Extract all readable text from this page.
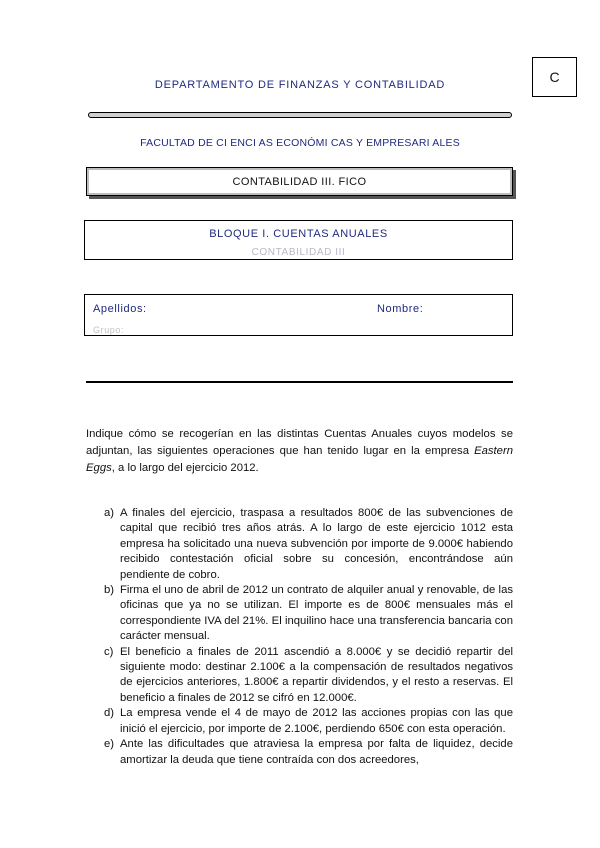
C
DEPARTAMENTO DE FINANZAS Y CONTABILIDAD
FACULTAD DE CI ENCI AS ECONÓMI CAS Y EMPRESARI ALES
CONTABILIDAD III. FICO
BLOQUE I. CUENTAS ANUALES
CONTABILIDAD III
Apellidos:	Nombre:
Grupo:

Indique cómo se recogerían en las distintas Cuentas Anuales cuyos modelos se adjuntan, las siguientes operaciones que han tenido lugar en la empresa Eastern Eggs, a lo largo del ejercicio 2012.

a) A finales del ejercicio, traspasa a resultados 800€ de las subvenciones de capital que recibió tres años atrás. A lo largo de este ejercicio 1012 esta empresa ha solicitado una nueva subvención por importe de 9.000€ habiendo recibido contestación oficial sobre su concesión, encontrándose aún pendiente de cobro.
b) Firma el uno de abril de 2012 un contrato de alquiler anual y renovable, de las oficinas que ya no se utilizan. El importe es de 800€ mensuales más el correspondiente IVA del 21%. El inquilino hace una transferencia bancaria con carácter mensual.
c) El beneficio a finales de 2011 ascendió a 8.000€ y se decidió repartir del siguiente modo: destinar 2.100€ a la compensación de resultados negativos de ejercicios anteriores, 1.800€ a repartir dividendos, y el resto a reservas. El beneficio a finales de 2012 se cifró en 12.000€.
d) La empresa vende el 4 de mayo de 2012 las acciones propias con las que inició el ejercicio, por importe de 2.100€, perdiendo 650€ con esta operación.
e) Ante las dificultades que atraviesa la empresa por falta de liquidez, decide amortizar la deuda que tiene contraída con dos acreedores,
